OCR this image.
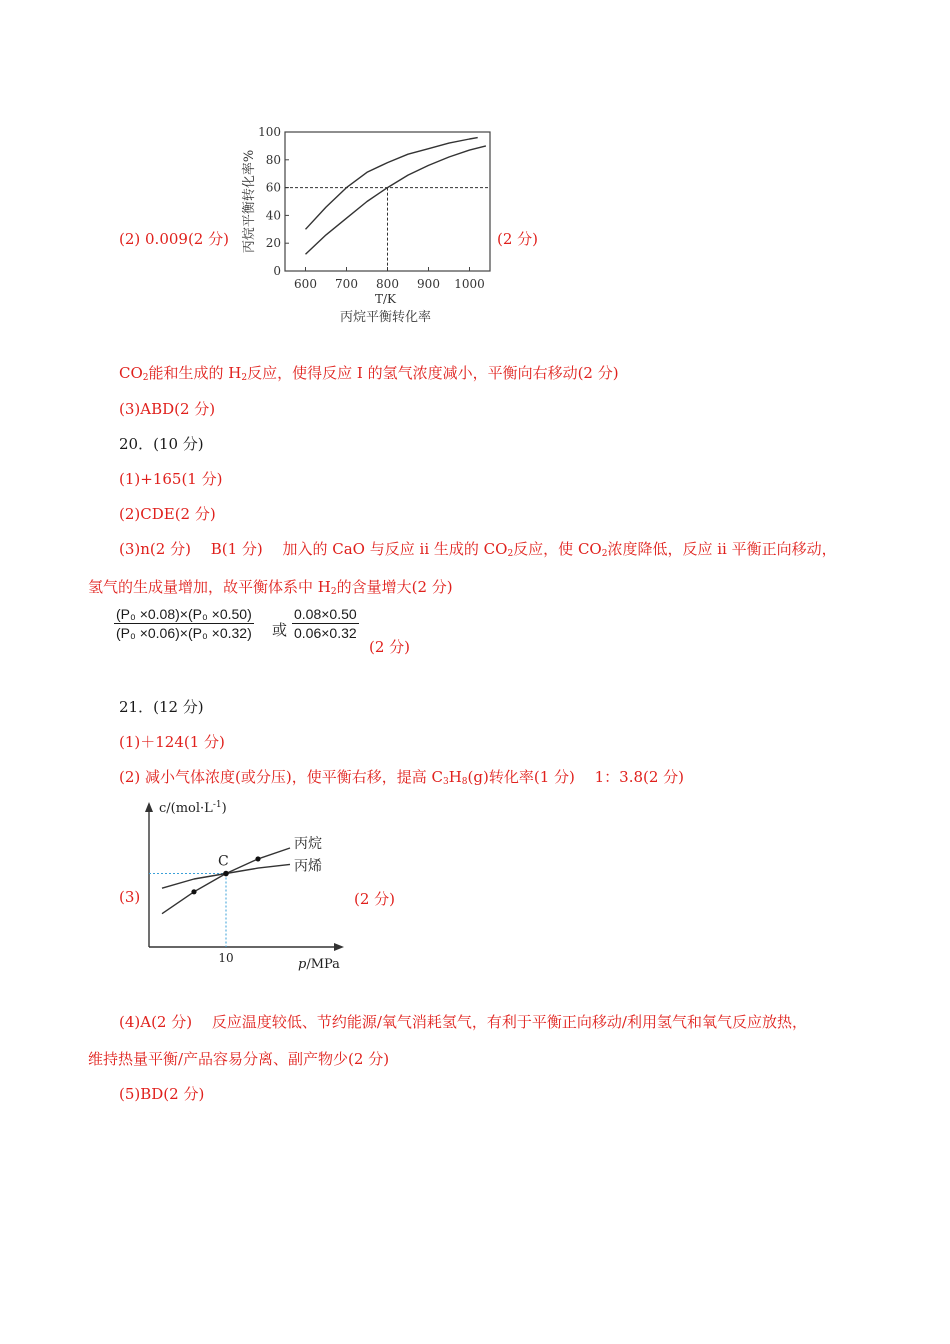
(2) 0.009(2 分)
0
20
40
60
80
100
600 700 800 900 1000
T/K
丙烷平衡转化率
丙烷平衡转化率%	(2 分)
$CO_2$能和生成的 $H_2$反应，使得反应 I 的氢气浓度减小，平衡向右移动(2 分)
(3)ABD(2 分)
20．(10 分)
(1)+165(1 分)
(2)CDE(2 分)
(3)n(2 分)　 B(1 分)　 加入的 CaO 与反应 ii 生成的 $CO_2$反应，使 $CO_2$浓度降低，反应 ii 平衡正向移动，
氢气的生成量增加，故平衡体系中 $H_2$的含量增大(2 分)
$\frac{\text{(P₀ ×0.08)×(P₀ ×0.50)}}{\text{(P₀ ×0.06)×(P₀ ×0.32)}}$ 或 $\frac{0.08\times 0.50}{0.06\times 0.32}$
(2 分)
21．(12 分)
(1)＋124(1 分)
(2) 减小气体浓度(或分压)，使平衡右移，提高 $C_3H_8(g)$转化率(1 分)　 1：3.8(2 分)
(3)
$c/(mol\cdot L^{-1})$
p/MPa
10
丙烷
丙烯
C
(2 分)
(4)A(2 分)　 反应温度较低、节约能源/氧气消耗氢气，有利于平衡正向移动/利用氢气和氧气反应放热，
维持热量平衡/产品容易分离、副产物少(2 分)
(5)BD(2 分)
